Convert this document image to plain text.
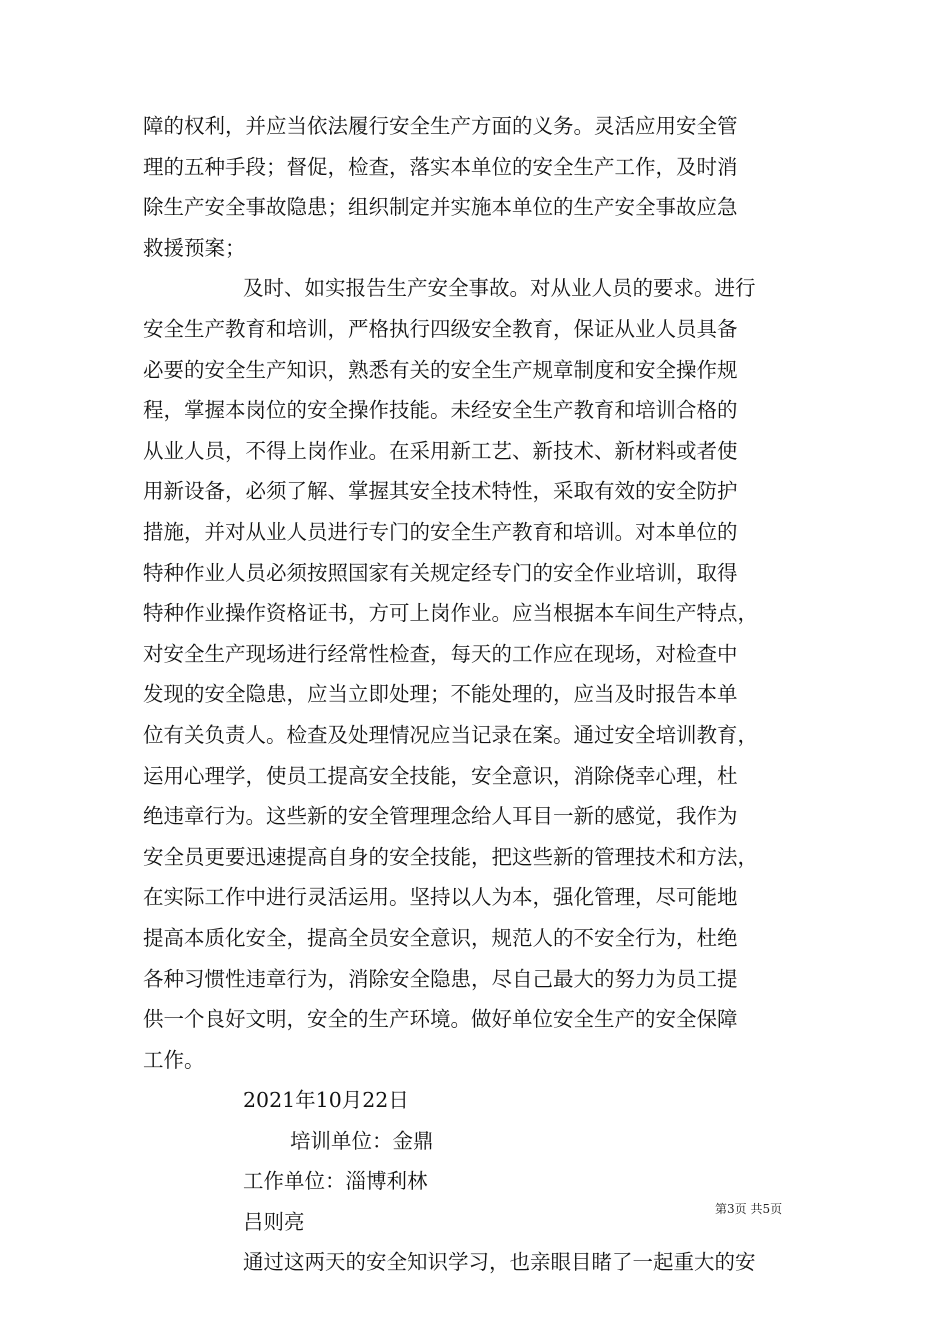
障的权利，并应当依法履行安全生产方面的义务。灵活应用安全管
理的五种手段；督促，检查，落实本单位的安全生产工作，及时消
除生产安全事故隐患；组织制定并实施本单位的生产安全事故应急
救援预案；
及时、如实报告生产安全事故。对从业人员的要求。进行
安全生产教育和培训，严格执行四级安全教育，保证从业人员具备
必要的安全生产知识，熟悉有关的安全生产规章制度和安全操作规
程，掌握本岗位的安全操作技能。未经安全生产教育和培训合格的
从业人员，不得上岗作业。在采用新工艺、新技术、新材料或者使
用新设备，必须了解、掌握其安全技术特性，采取有效的安全防护
措施，并对从业人员进行专门的安全生产教育和培训。对本单位的
特种作业人员必须按照国家有关规定经专门的安全作业培训，取得
特种作业操作资格证书，方可上岗作业。应当根据本车间生产特点，
对安全生产现场进行经常性检查，每天的工作应在现场，对检查中
发现的安全隐患，应当立即处理；不能处理的，应当及时报告本单
位有关负责人。检查及处理情况应当记录在案。通过安全培训教育，
运用心理学，使员工提高安全技能，安全意识，消除侥幸心理，杜
绝违章行为。这些新的安全管理理念给人耳目一新的感觉，我作为
安全员更要迅速提高自身的安全技能，把这些新的管理技术和方法，
在实际工作中进行灵活运用。坚持以人为本，强化管理，尽可能地
提高本质化安全，提高全员安全意识，规范人的不安全行为，杜绝
各种习惯性违章行为，消除安全隐患，尽自己最大的努力为员工提
供一个良好文明，安全的生产环境。做好单位安全生产的安全保障
工作。
2021年10月22日
培训单位：金鼎
工作单位：淄博利林
吕则亮
通过这两天的安全知识学习，也亲眼目睹了一起重大的安
第3页 共5页
